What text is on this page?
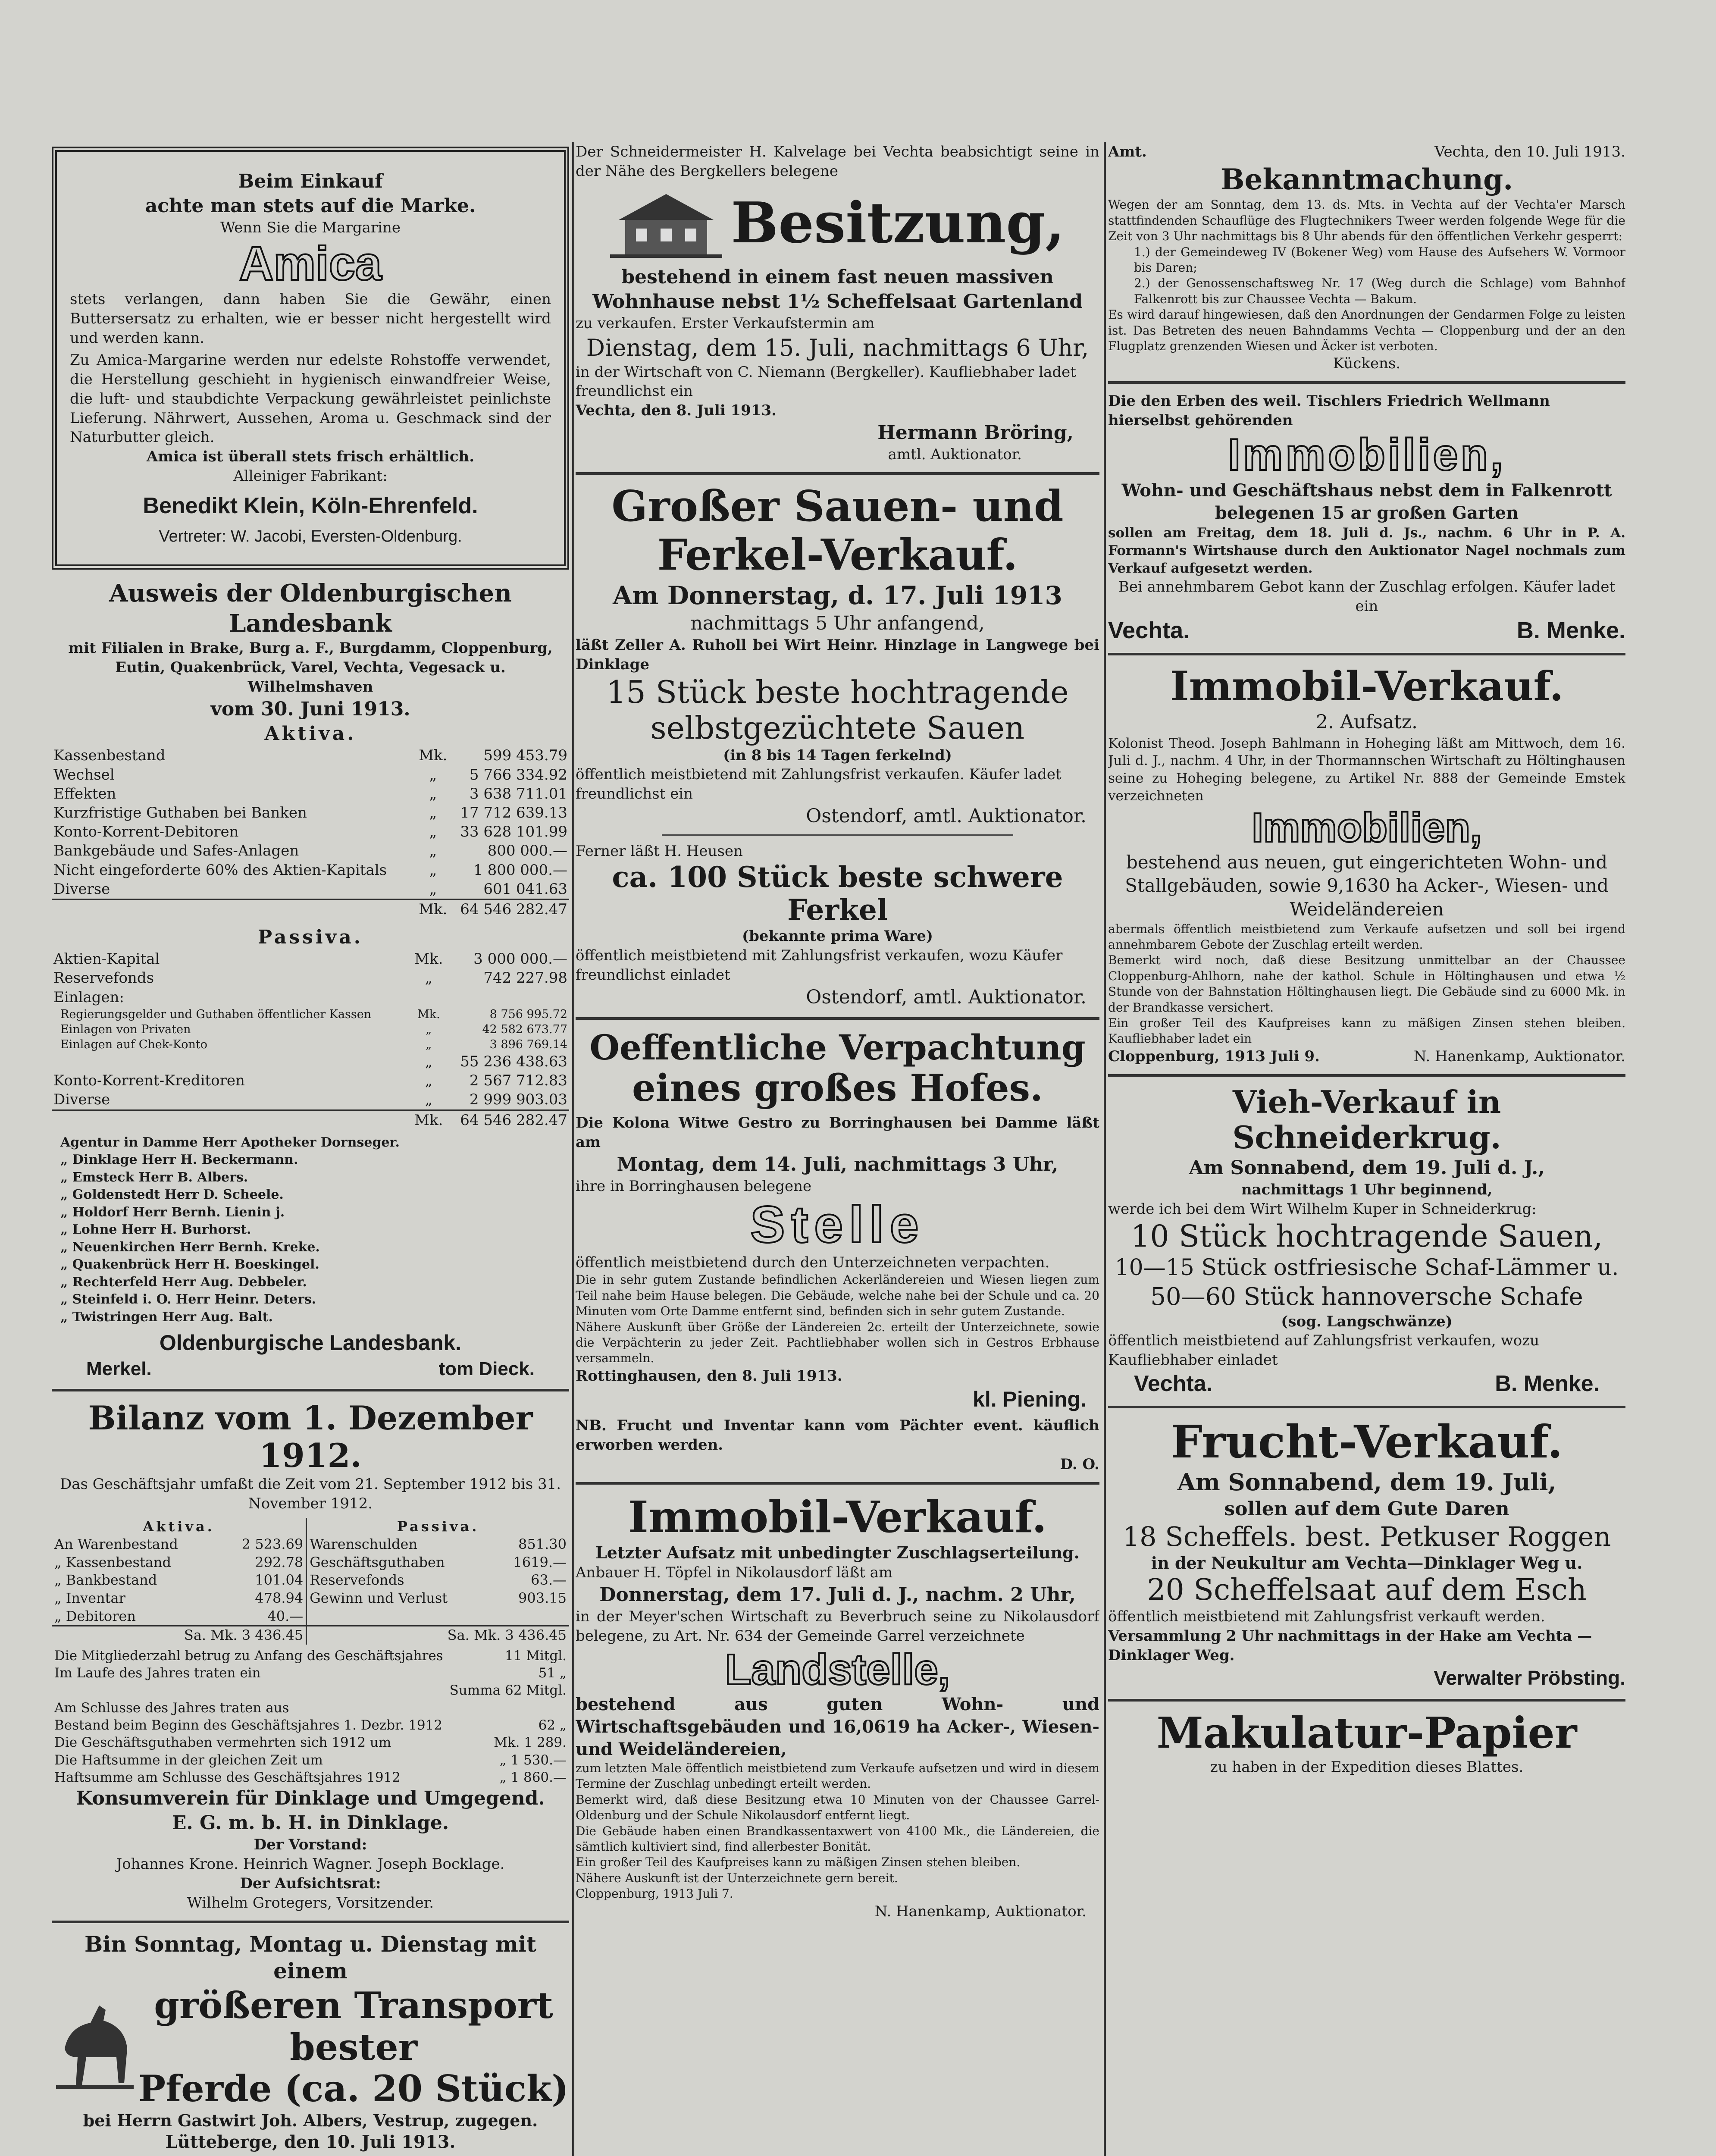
Beim Einkauf

achte man stets auf die Marke.

Wenn Sie die Margarine

Amica

stets verlangen, dann haben Sie die Gewähr, einen Buttersersatz zu erhalten, wie er besser nicht hergestellt wird und werden kann.

Zu Amica-Margarine werden nur edelste Rohstoffe verwendet, die Herstellung geschieht in hygienisch einwandfreier Weise, die luft- und staubdichte Verpackung gewährleistet peinlichste Lieferung. Nährwert, Aussehen, Aroma u. Geschmack sind der Naturbutter gleich.

Amica ist überall stets frisch erhältlich.

Alleiniger Fabrikant:

Benedikt Klein, Köln-Ehrenfeld.

Vertreter: W. Jacobi, Eversten-Oldenburg.

Ausweis der Oldenburgischen Landesbank

mit Filialen in Brake, Burg a. F., Burgdamm, Cloppenburg, Eutin, Quakenbrück, Varel, Vechta, Vegesack u. Wilhelmshaven

vom 30. Juni 1913.

Aktiva.

Kassenbestand	Mk.	599 453.79
Wechsel	„	5 766 334.92
Effekten	„	3 638 711.01
Kurzfristige Guthaben bei Banken	„	17 712 639.13
Konto-Korrent-Debitoren	„	33 628 101.99
Bankgebäude und Safes-Anlagen	„	800 000.—
Nicht eingeforderte 60% des Aktien-Kapitals	„	1 800 000.—
Diverse	„	601 041.63
	Mk.	64 546 282.47

Passiva.

Aktien-Kapital	Mk.	3 000 000.—
Reservefonds	„	742 227.98
Einlagen:		
Regierungsgelder und Guthaben öffentlicher Kassen	Mk.	8 756 995.72
Einlagen von Privaten	„	42 582 673.77
Einlagen auf Chek-Konto	„	3 896 769.14
	„	55 236 438.63
Konto-Korrent-Kreditoren	„	2 567 712.83
Diverse	„	2 999 903.03
	Mk.	64 546 282.47

Agentur in Damme Herr Apotheker Dornseger.

„ Dinklage Herr H. Beckermann.

„ Emsteck Herr B. Albers.

„ Goldenstedt Herr D. Scheele.

„ Holdorf Herr Bernh. Lienin j.

„ Lohne Herr H. Burhorst.

„ Neuenkirchen Herr Bernh. Kreke.

„ Quakenbrück Herr H. Boeskingel.

„ Rechterfeld Herr Aug. Debbeler.

„ Steinfeld i. O. Herr Heinr. Deters.

„ Twistringen Herr Aug. Balt.

Oldenburgische Landesbank.

Merkel.	tom Dieck.

Bilanz vom 1. Dezember 1912.

Das Geschäftsjahr umfaßt die Zeit vom 21. September 1912 bis 31. November 1912.

Aktiva.		Passiva.	
An Warenbestand	2 523.69	Warenschulden	851.30
„ Kassenbestand	292.78	Geschäftsguthaben	1619.—
„ Bankbestand	101.04	Reservefonds	63.—
„ Inventar	478.94	Gewinn und Verlust	903.15
„ Debitoren	40.—		
Sa. Mk. 3 436.45		Sa. Mk. 3 436.45	
Die Mitgliederzahl betrug zu Anfang des Geschäftsjahres	11 Mitgl.
Im Laufe des Jahres traten ein	51 „
	Summa 62 Mitgl.
Am Schlusse des Jahres traten aus	
Bestand beim Beginn des Geschäftsjahres 1. Dezbr. 1912	62 „
Die Geschäftsguthaben vermehrten sich 1912 um	Mk. 1 289.
Die Haftsumme in der gleichen Zeit um	„ 1 530.—
Haftsumme am Schlusse des Geschäftsjahres 1912	„ 1 860.—

Konsumverein für Dinklage und Umgegend.

E. G. m. b. H. in Dinklage.

Der Vorstand:

Johannes Krone. Heinrich Wagner. Joseph Bocklage.

Der Aufsichtsrat:

Wilhelm Grotegers, Vorsitzender.

Bin Sonntag, Montag u. Dienstag mit einem

größeren Transport bester

Pferde (ca. 20 Stück)

bei Herrn Gastwirt Joh. Albers, Vestrup, zugegen.

Lütteberge, den 10. Juli 1913.

Der Schneidermeister H. Kalvelage bei Vechta beabsichtigt seine in der Nähe des Bergkellers belegene

Besitzung,

bestehend in einem fast neuen massiven Wohnhause nebst 1½ Scheffelsaat Gartenland

zu verkaufen. Erster Verkaufstermin am

Dienstag, dem 15. Juli, nachmittags 6 Uhr,

in der Wirtschaft von C. Niemann (Bergkeller). Kaufliebhaber ladet freundlichst ein

Vechta, den 8. Juli 1913.

Hermann Bröring,

amtl. Auktionator.

Großer Sauen- und

Ferkel-Verkauf.

Am Donnerstag, d. 17. Juli 1913

nachmittags 5 Uhr anfangend,

läßt Zeller A. Ruholl bei Wirt Heinr. Hinzlage in Langwege bei Dinklage

15 Stück beste hochtragende

selbstgezüchtete Sauen

(in 8 bis 14 Tagen ferkelnd)

öffentlich meistbietend mit Zahlungsfrist verkaufen. Käufer ladet freundlichst ein

Ostendorf, amtl. Auktionator.

Ferner läßt H. Heusen

ca. 100 Stück beste schwere Ferkel

(bekannte prima Ware)

öffentlich meistbietend mit Zahlungsfrist verkaufen, wozu Käufer freundlichst einladet

Ostendorf, amtl. Auktionator.

Oeffentliche Verpachtung

eines großes Hofes.

Die Kolona Witwe Gestro zu Borringhausen bei Damme läßt am

Montag, dem 14. Juli, nachmittags 3 Uhr,

ihre in Borringhausen belegene

Stelle

öffentlich meistbietend durch den Unterzeichneten verpachten.

Die in sehr gutem Zustande befindlichen Ackerländereien und Wiesen liegen zum Teil nahe beim Hause belegen. Die Gebäude, welche nahe bei der Schule und ca. 20 Minuten vom Orte Damme entfernt sind, befinden sich in sehr gutem Zustande.

Nähere Auskunft über Größe der Ländereien 2c. erteilt der Unterzeichnete, sowie die Verpächterin zu jeder Zeit. Pachtliebhaber wollen sich in Gestros Erbhause versammeln.

Rottinghausen, den 8. Juli 1913.

kl. Piening.

NB. Frucht und Inventar kann vom Pächter event. käuflich erworben werden.

D. O.

Immobil-Verkauf.

Letzter Aufsatz mit unbedingter Zuschlagserteilung.

Anbauer H. Töpfel in Nikolausdorf läßt am

Donnerstag, dem 17. Juli d. J., nachm. 2 Uhr,

in der Meyer'schen Wirtschaft zu Beverbruch seine zu Nikolausdorf belegene, zu Art. Nr. 634 der Gemeinde Garrel verzeichnete

Landstelle,

bestehend aus guten Wohn- und Wirtschaftsgebäuden und 16,0619 ha Acker-, Wiesen- und Weideländereien,

zum letzten Male öffentlich meistbietend zum Verkaufe aufsetzen und wird in diesem Termine der Zuschlag unbedingt erteilt werden.

Bemerkt wird, daß diese Besitzung etwa 10 Minuten von der Chaussee Garrel-Oldenburg und der Schule Nikolausdorf entfernt liegt.

Die Gebäude haben einen Brandkassentaxwert von 4100 Mk., die Ländereien, die sämtlich kultiviert sind, find allerbester Bonität.

Ein großer Teil des Kaufpreises kann zu mäßigen Zinsen stehen bleiben.

Nähere Auskunft ist der Unterzeichnete gern bereit.

Cloppenburg, 1913 Juli 7.

N. Hanenkamp, Auktionator.

Amt.	Vechta, den 10. Juli 1913.

Bekanntmachung.

Wegen der am Sonntag, dem 13. ds. Mts. in Vechta auf der Vechta'er Marsch stattfindenden Schauflüge des Flugtechnikers Tweer werden folgende Wege für die Zeit von 3 Uhr nachmittags bis 8 Uhr abends für den öffentlichen Verkehr gesperrt:

1.) der Gemeindeweg IV (Bokener Weg) vom Hause des Aufsehers W. Vormoor bis Daren;

2.) der Genossenschaftsweg Nr. 17 (Weg durch die Schlage) vom Bahnhof Falkenrott bis zur Chaussee Vechta — Bakum.

Es wird darauf hingewiesen, daß den Anordnungen der Gendarmen Folge zu leisten ist. Das Betreten des neuen Bahndamms Vechta — Cloppenburg und der an den Flugplatz grenzenden Wiesen und Äcker ist verboten.

Kückens.

Die den Erben des weil. Tischlers Friedrich Wellmann hierselbst gehörenden

Immobilien,

Wohn- und Geschäftshaus nebst dem in Falkenrott belegenen 15 ar großen Garten

sollen am Freitag, dem 18. Juli d. Js., nachm. 6 Uhr in P. A. Formann's Wirtshause durch den Auktionator Nagel nochmals zum Verkauf aufgesetzt werden.

Bei annehmbarem Gebot kann der Zuschlag erfolgen. Käufer ladet ein

Vechta.	B. Menke.

Immobil-Verkauf.

2. Aufsatz.

Kolonist Theod. Joseph Bahlmann in Hoheging läßt am Mittwoch, dem 16. Juli d. J., nachm. 4 Uhr, in der Thormannschen Wirtschaft zu Höltinghausen seine zu Hoheging belegene, zu Artikel Nr. 888 der Gemeinde Emstek verzeichneten

Immobilien,

bestehend aus neuen, gut eingerichteten Wohn- und Stallgebäuden, sowie 9,1630 ha Acker-, Wiesen- und Weideländereien

abermals öffentlich meistbietend zum Verkaufe aufsetzen und soll bei irgend annehmbarem Gebote der Zuschlag erteilt werden.

Bemerkt wird noch, daß diese Besitzung unmittelbar an der Chaussee Cloppenburg-Ahlhorn, nahe der kathol. Schule in Höltinghausen und etwa ½ Stunde von der Bahnstation Höltinghausen liegt. Die Gebäude sind zu 6000 Mk. in der Brandkasse versichert.

Ein großer Teil des Kaufpreises kann zu mäßigen Zinsen stehen bleiben. Kaufliebhaber ladet ein

Cloppenburg, 1913 Juli 9.	N. Hanenkamp, Auktionator.

Vieh-Verkauf in Schneiderkrug.

Am Sonnabend, dem 19. Juli d. J.,

nachmittags 1 Uhr beginnend,

werde ich bei dem Wirt Wilhelm Kuper in Schneiderkrug:

10 Stück hochtragende Sauen,

10—15 Stück ostfriesische Schaf-Lämmer u.

50—60 Stück hannoversche Schafe

(sog. Langschwänze)

öffentlich meistbietend auf Zahlungsfrist verkaufen, wozu Kaufliebhaber einladet

Vechta.	B. Menke.

Frucht-Verkauf.

Am Sonnabend, dem 19. Juli,

sollen auf dem Gute Daren

18 Scheffels. best. Petkuser Roggen

in der Neukultur am Vechta—Dinklager Weg u.

20 Scheffelsaat auf dem Esch

öffentlich meistbietend mit Zahlungsfrist verkauft werden.

Versammlung 2 Uhr nachmittags in der Hake am Vechta — Dinklager Weg.

Verwalter Pröbsting.

Makulatur-Papier

zu haben in der Expedition dieses Blattes.
